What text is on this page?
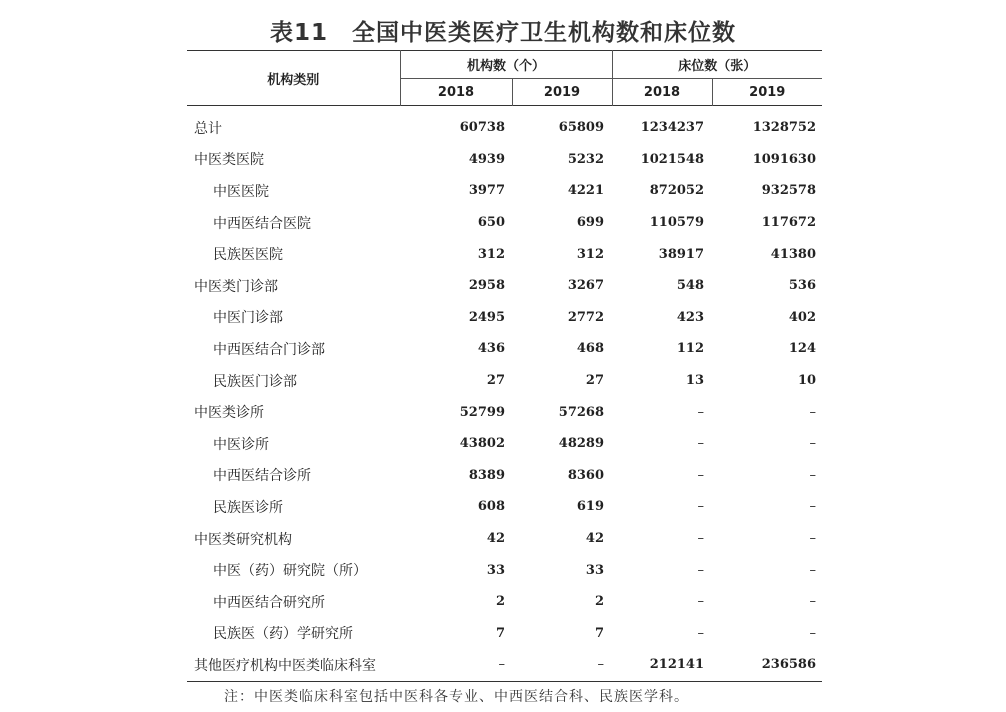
表11　全国中医类医疗卫生机构数和床位数
机构类别	机构数（个）		床位数（张）	
	2018	2019	2018	2019
总计	60738	65809	1234237	1328752
中医类医院	4939	5232	1021548	1091630
中医医院	3977	4221	872052	932578
中西医结合医院	650	699	110579	117672
民族医医院	312	312	38917	41380
中医类门诊部	2958	3267	548	536
中医门诊部	2495	2772	423	402
中西医结合门诊部	436	468	112	124
民族医门诊部	27	27	13	10
中医类诊所	52799	57268	–	–
中医诊所	43802	48289	–	–
中西医结合诊所	8389	8360	–	–
民族医诊所	608	619	–	–
中医类研究机构	42	42	–	–
中医（药）研究院（所）	33	33	–	–
中西医结合研究所	2	2	–	–
民族医（药）学研究所	7	7	–	–
其他医疗机构中医类临床科室	–	–	212141	236586
注：中医类临床科室包括中医科各专业、中西医结合科、民族医学科。
